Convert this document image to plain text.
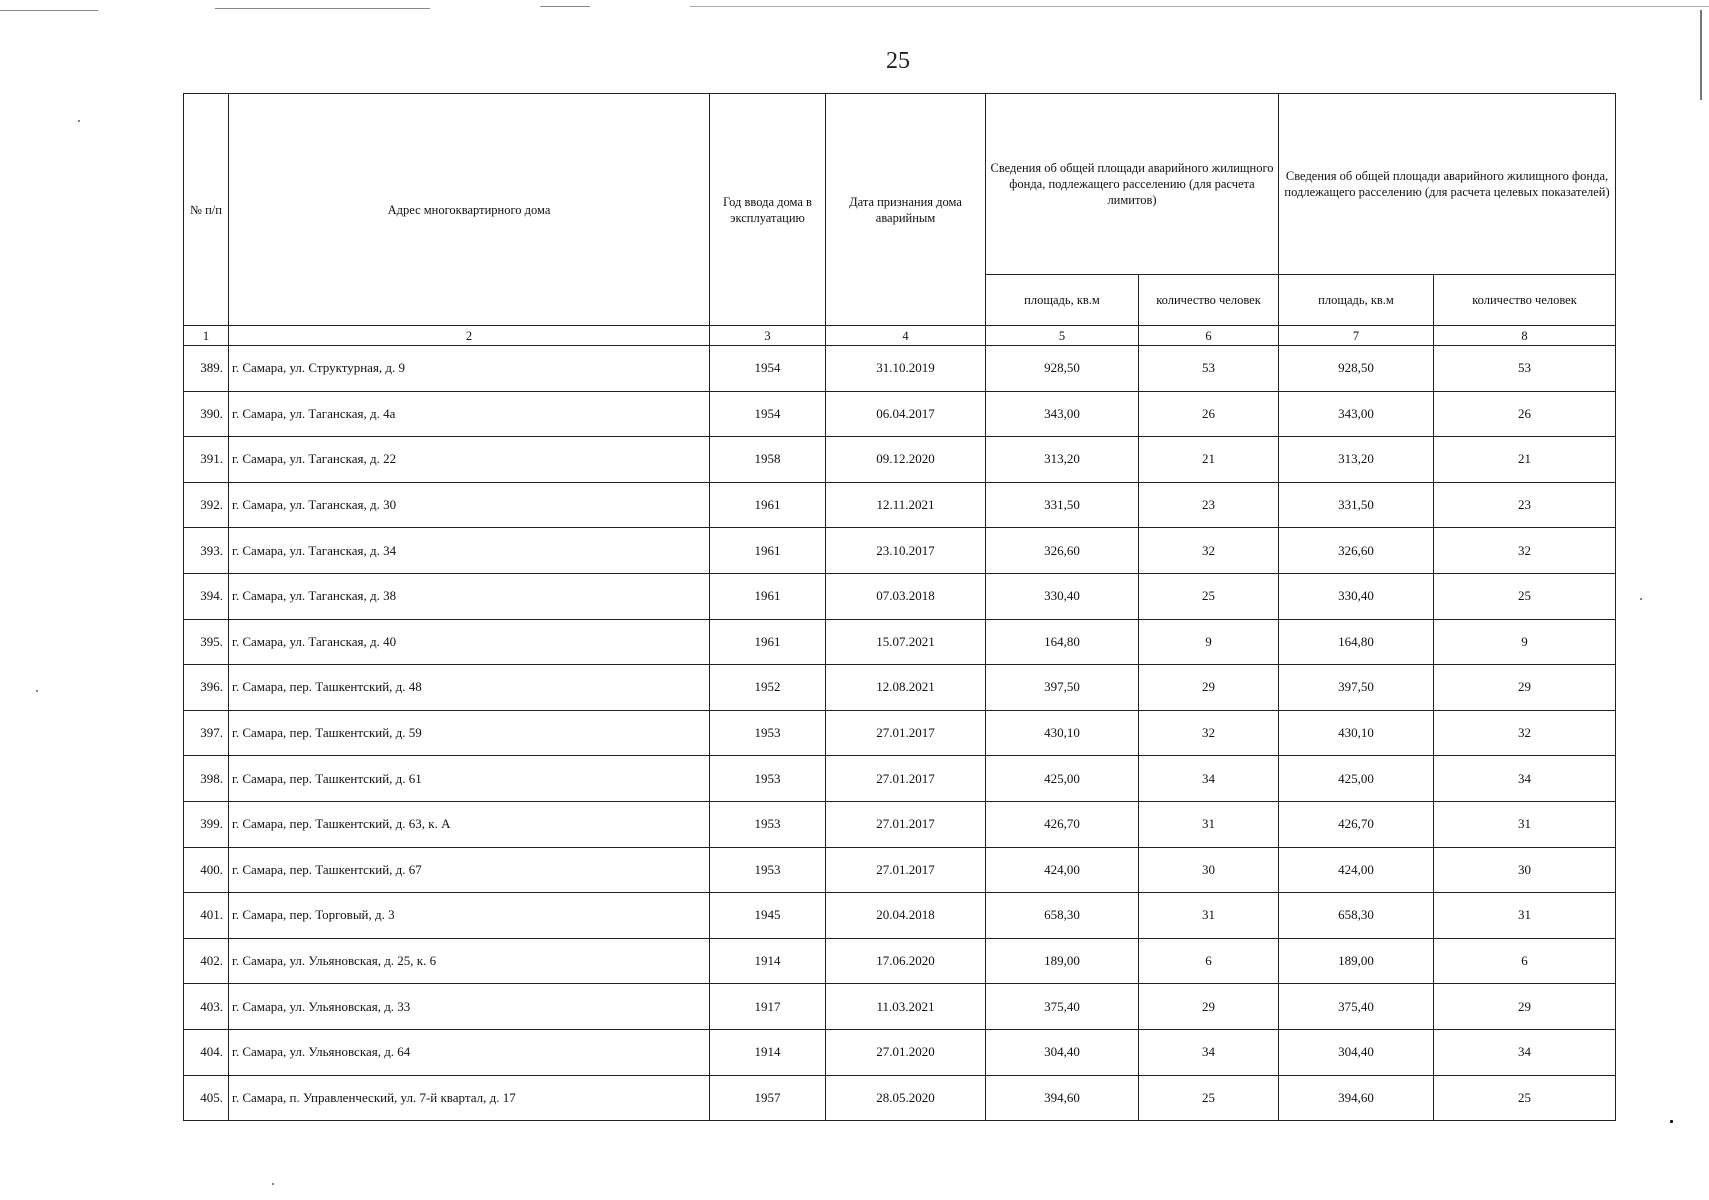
25
№ п/п	Адрес многоквартирного дома	Год ввода дома в эксплуатацию	Дата признания дома аварийным	Сведения об общей площади аварийного жилищного фонда, подлежащего расселению (для расчета лимитов)		Сведения об общей площади аварийного жилищного фонда, подлежащего расселению (для расчета целевых показателей)	
				площадь, кв.м	количество человек	площадь, кв.м	количество человек
1	2	3	4	5	6	7	8
389.	г. Самара, ул. Структурная, д. 9	1954	31.10.2019	928,50	53	928,50	53
390.	г. Самара, ул. Таганская, д. 4а	1954	06.04.2017	343,00	26	343,00	26
391.	г. Самара, ул. Таганская, д. 22	1958	09.12.2020	313,20	21	313,20	21
392.	г. Самара, ул. Таганская, д. 30	1961	12.11.2021	331,50	23	331,50	23
393.	г. Самара, ул. Таганская, д. 34	1961	23.10.2017	326,60	32	326,60	32
394.	г. Самара, ул. Таганская, д. 38	1961	07.03.2018	330,40	25	330,40	25
395.	г. Самара, ул. Таганская, д. 40	1961	15.07.2021	164,80	9	164,80	9
396.	г. Самара, пер. Ташкентский, д. 48	1952	12.08.2021	397,50	29	397,50	29
397.	г. Самара, пер. Ташкентский, д. 59	1953	27.01.2017	430,10	32	430,10	32
398.	г. Самара, пер. Ташкентский, д. 61	1953	27.01.2017	425,00	34	425,00	34
399.	г. Самара, пер. Ташкентский, д. 63, к. А	1953	27.01.2017	426,70	31	426,70	31
400.	г. Самара, пер. Ташкентский, д. 67	1953	27.01.2017	424,00	30	424,00	30
401.	г. Самара, пер. Торговый, д. 3	1945	20.04.2018	658,30	31	658,30	31
402.	г. Самара, ул. Ульяновская, д. 25, к. 6	1914	17.06.2020	189,00	6	189,00	6
403.	г. Самара, ул. Ульяновская, д. 33	1917	11.03.2021	375,40	29	375,40	29
404.	г. Самара, ул. Ульяновская, д. 64	1914	27.01.2020	304,40	34	304,40	34
405.	г. Самара, п. Управленческий, ул. 7-й квартал, д. 17	1957	28.05.2020	394,60	25	394,60	25
